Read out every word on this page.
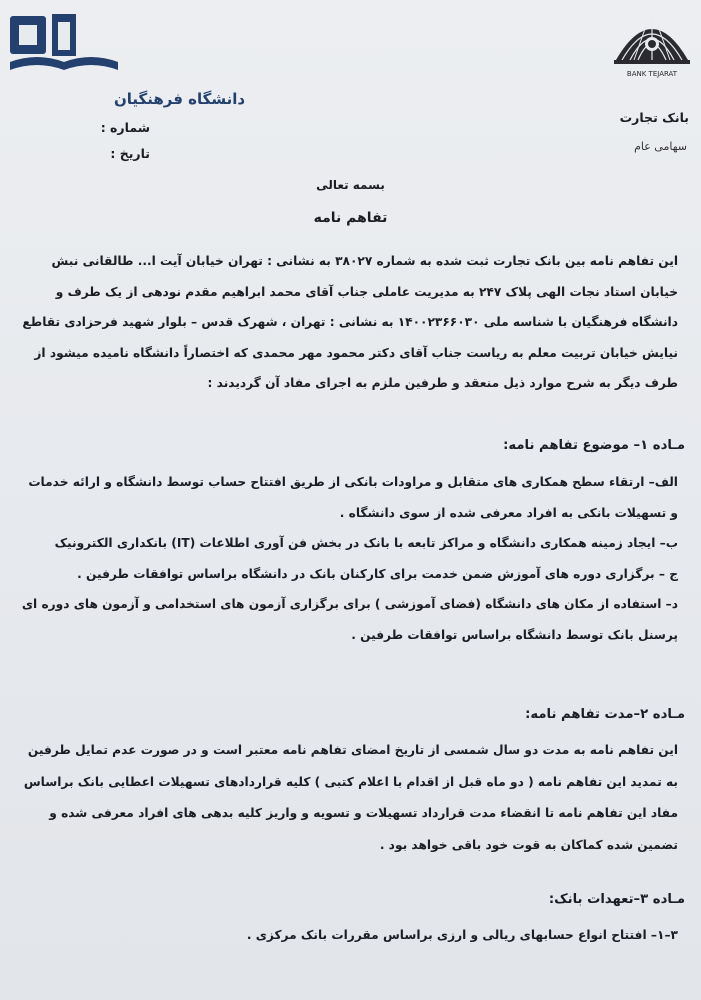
دانشگاه فرهنگیان
BANK TEJARAT
بانک تجارت
سهامی عام
شماره :
تاریخ :
بسمه تعالی
تفاهم نامه
این تفاهم نامه بین بانک تجارت ثبت شده به شماره ۳۸۰۲۷ به نشانی : تهران خیابان آیت ا... طالقانی نبش
خیابان استاد نجات الهی پلاک ۲۴۷ به مدیریت عاملی جناب آقای محمد ابراهیم مقدم نودهی از یک طرف و
دانشگاه فرهنگیان با شناسه ملی ۱۴۰۰۲۳۶۶۰۳۰ به نشانی : تهران ، شهرک قدس – بلوار شهید فرحزادی تقاطع
نیایش خیابان تربیت معلم به ریاست جناب آقای دکتر محمود مهر محمدی که اختصاراً دانشگاه نامیده میشود از
طرف دیگر به شرح موارد ذیل منعقد و طرفین ملزم به اجرای مفاد آن گردیدند :
مـاده ۱– موضوع تفاهم نامه:
الف– ارتقاء سطح همکاری های متقابل و مراودات بانکی از طریق افتتاح حساب توسط دانشگاه و ارائه خدمات
و تسهیلات بانکی به افراد معرفی شده از سوی دانشگاه .
ب– ایجاد زمینه همکاری دانشگاه و مراکز تابعه با بانک در بخش فن آوری اطلاعات (IT) بانکداری الکترونیک
ج – برگزاری دوره های آموزش ضمن خدمت برای کارکنان بانک در دانشگاه براساس توافقات طرفین .
د– استفاده از مکان های دانشگاه (فضای آموزشی ) برای برگزاری آزمون های استخدامی و آزمون های دوره ای
پرسنل بانک توسط دانشگاه براساس توافقات طرفین .
مـاده ۲–مدت تفاهم نامه:
این تفاهم نامه به مدت دو سال شمسی از تاریخ امضای تفاهم نامه معتبر است و در صورت عدم تمایل طرفین
به تمدید این تفاهم نامه ( دو ماه قبل از اقدام با اعلام کتبی ) کلیه قراردادهای تسهیلات اعطایی بانک براساس
مفاد این تفاهم نامه تا انقضاء مدت قرارداد تسهیلات و تسویه و واریز کلیه بدهی های افراد معرفی شده و
تضمین شده کماکان به قوت خود باقی خواهد بود .
مـاده ۳–تعهدات بانک:
۳–۱– افتتاح انواع حسابهای ریالی و ارزی براساس مقررات بانک مرکزی .
